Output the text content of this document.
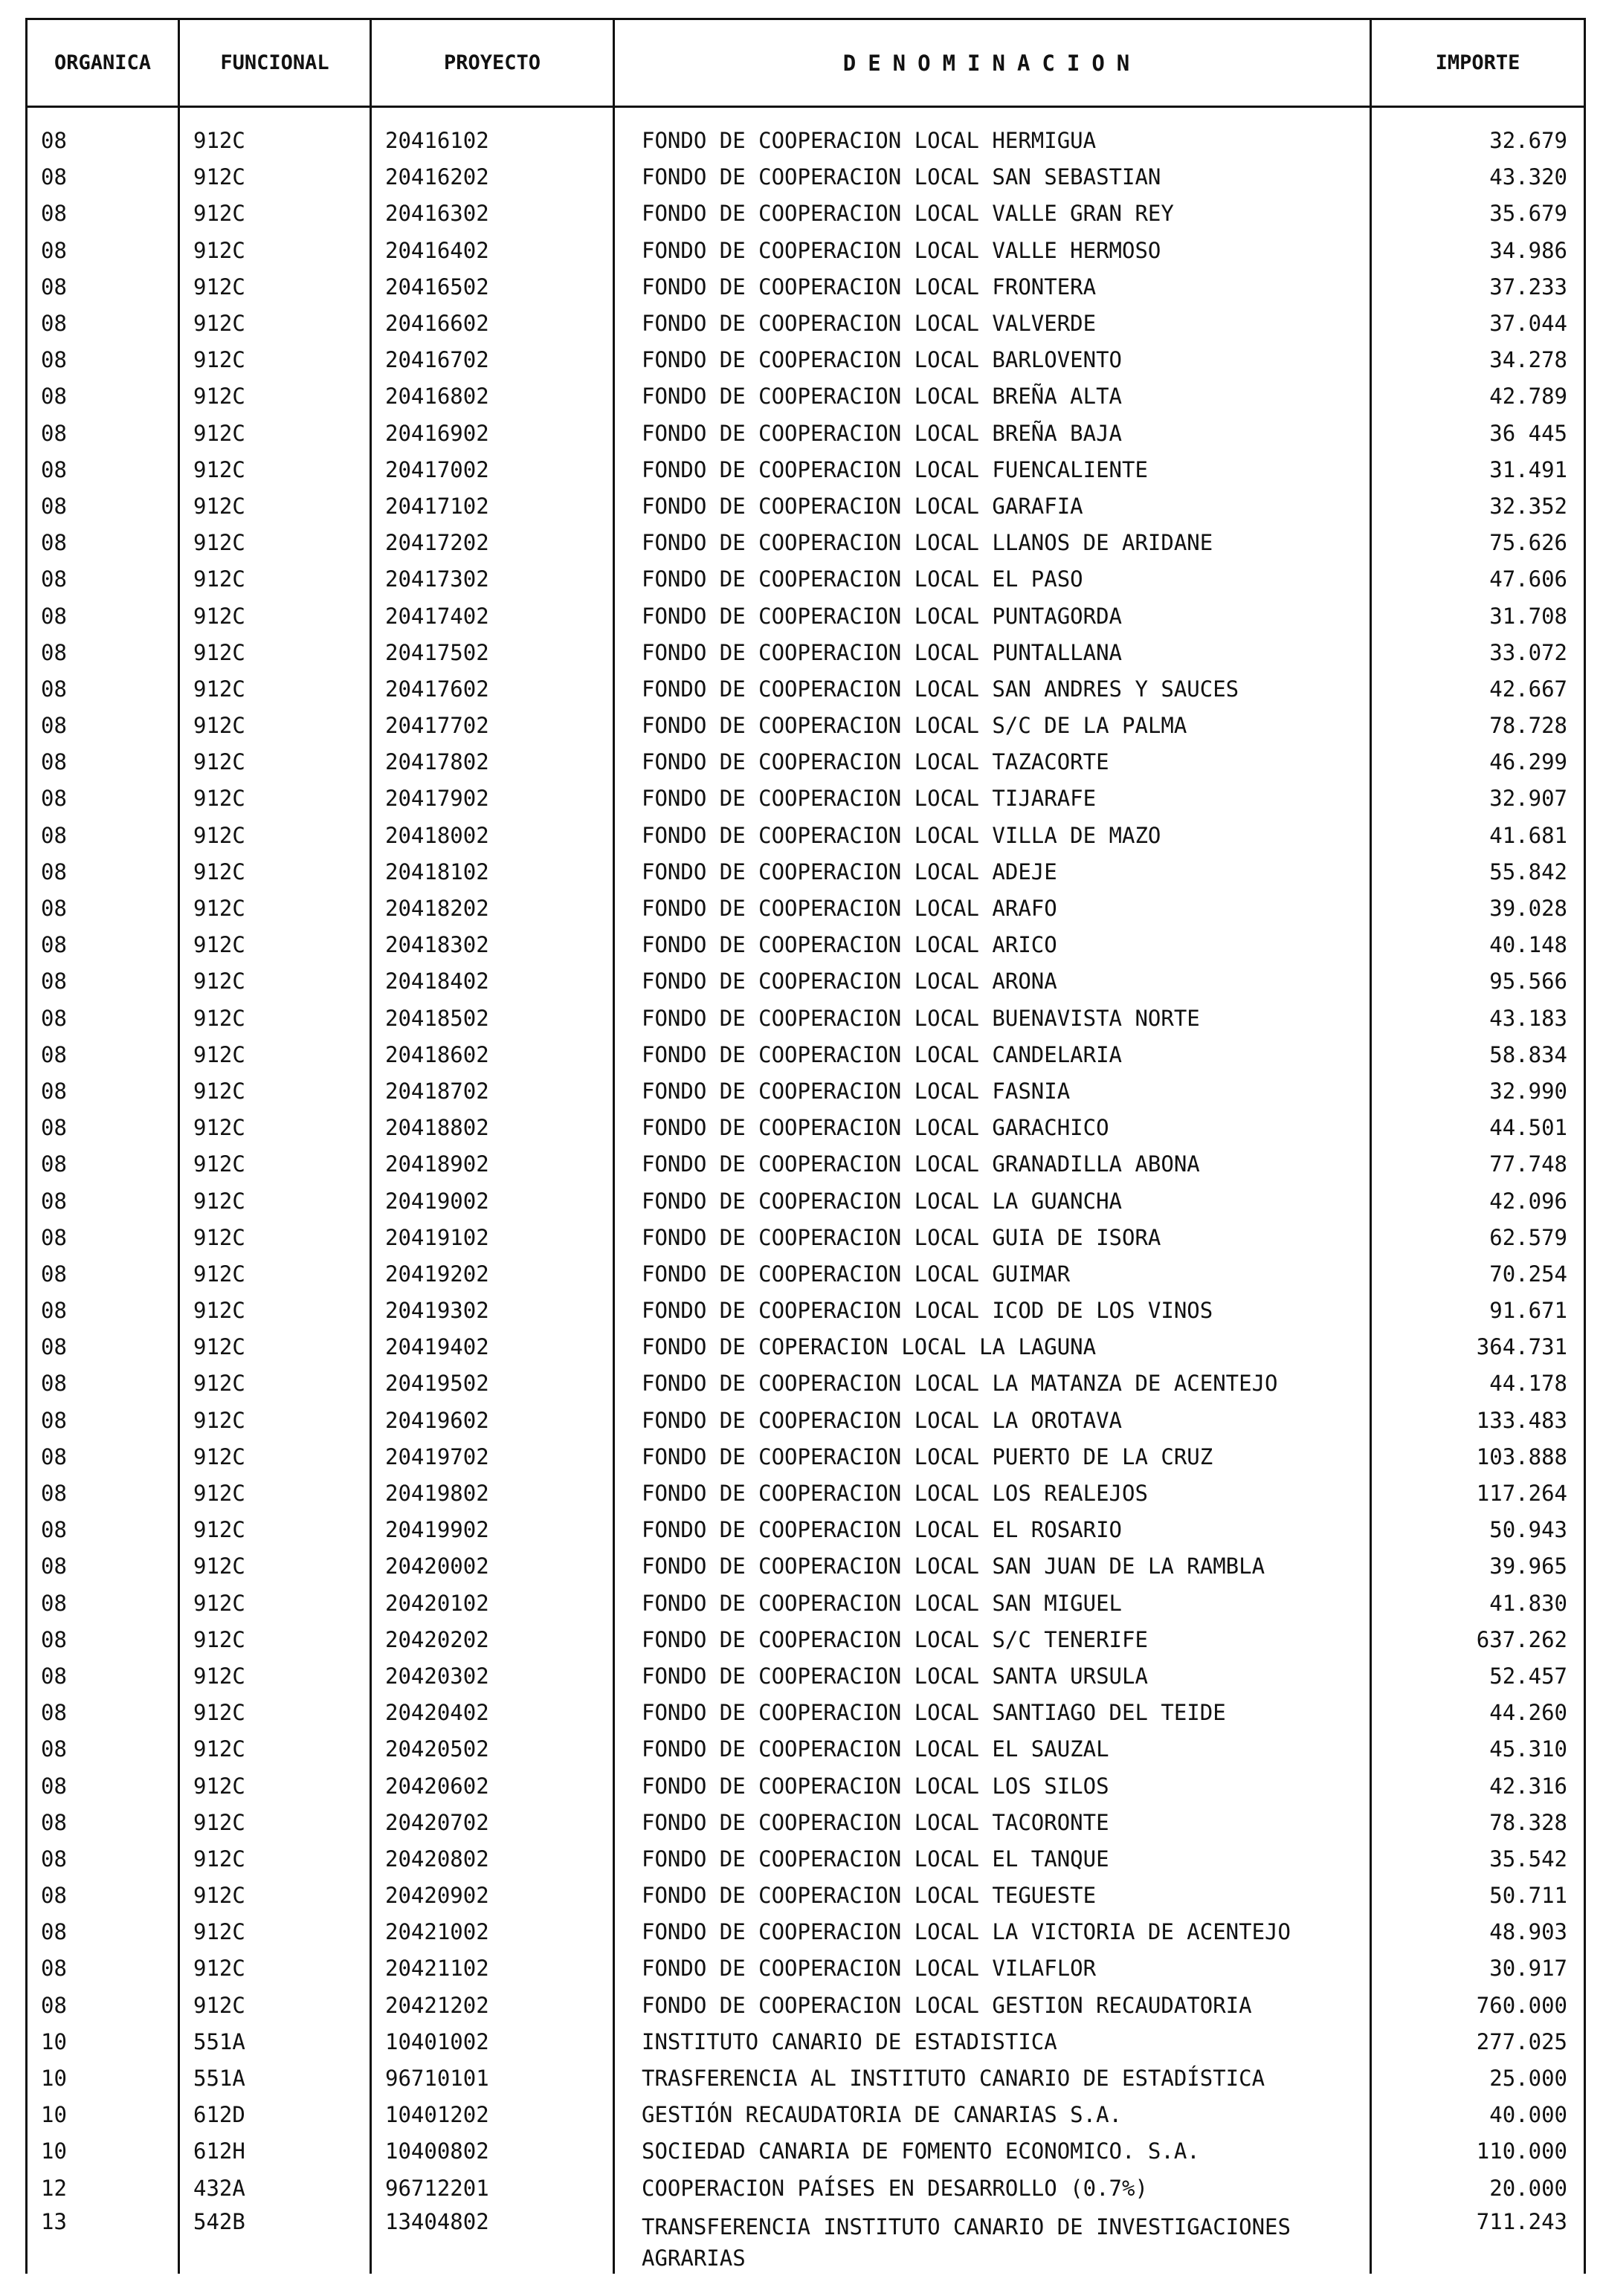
ORGANICA	FUNCIONAL	PROYECTO	DENOMINACION	IMPORTE
08	912C	20416102	FONDO DE COOPERACION LOCAL HERMIGUA	32.679
08	912C	20416202	FONDO DE COOPERACION LOCAL SAN SEBASTIAN	43.320
08	912C	20416302	FONDO DE COOPERACION LOCAL VALLE GRAN REY	35.679
08	912C	20416402	FONDO DE COOPERACION LOCAL VALLE HERMOSO	34.986
08	912C	20416502	FONDO DE COOPERACION LOCAL FRONTERA	37.233
08	912C	20416602	FONDO DE COOPERACION LOCAL VALVERDE	37.044
08	912C	20416702	FONDO DE COOPERACION LOCAL BARLOVENTO	34.278
08	912C	20416802	FONDO DE COOPERACION LOCAL BREÑA ALTA	42.789
08	912C	20416902	FONDO DE COOPERACION LOCAL BREÑA BAJA	36 445
08	912C	20417002	FONDO DE COOPERACION LOCAL FUENCALIENTE	31.491
08	912C	20417102	FONDO DE COOPERACION LOCAL GARAFIA	32.352
08	912C	20417202	FONDO DE COOPERACION LOCAL LLANOS DE ARIDANE	75.626
08	912C	20417302	FONDO DE COOPERACION LOCAL EL PASO	47.606
08	912C	20417402	FONDO DE COOPERACION LOCAL PUNTAGORDA	31.708
08	912C	20417502	FONDO DE COOPERACION LOCAL PUNTALLANA	33.072
08	912C	20417602	FONDO DE COOPERACION LOCAL SAN ANDRES Y SAUCES	42.667
08	912C	20417702	FONDO DE COOPERACION LOCAL S/C DE LA PALMA	78.728
08	912C	20417802	FONDO DE COOPERACION LOCAL TAZACORTE	46.299
08	912C	20417902	FONDO DE COOPERACION LOCAL TIJARAFE	32.907
08	912C	20418002	FONDO DE COOPERACION LOCAL VILLA DE MAZO	41.681
08	912C	20418102	FONDO DE COOPERACION LOCAL ADEJE	55.842
08	912C	20418202	FONDO DE COOPERACION LOCAL ARAFO	39.028
08	912C	20418302	FONDO DE COOPERACION LOCAL ARICO	40.148
08	912C	20418402	FONDO DE COOPERACION LOCAL ARONA	95.566
08	912C	20418502	FONDO DE COOPERACION LOCAL BUENAVISTA NORTE	43.183
08	912C	20418602	FONDO DE COOPERACION LOCAL CANDELARIA	58.834
08	912C	20418702	FONDO DE COOPERACION LOCAL FASNIA	32.990
08	912C	20418802	FONDO DE COOPERACION LOCAL GARACHICO	44.501
08	912C	20418902	FONDO DE COOPERACION LOCAL GRANADILLA ABONA	77.748
08	912C	20419002	FONDO DE COOPERACION LOCAL LA GUANCHA	42.096
08	912C	20419102	FONDO DE COOPERACION LOCAL GUIA DE ISORA	62.579
08	912C	20419202	FONDO DE COOPERACION LOCAL GUIMAR	70.254
08	912C	20419302	FONDO DE COOPERACION LOCAL ICOD DE LOS VINOS	91.671
08	912C	20419402	FONDO DE COPERACION LOCAL LA LAGUNA	364.731
08	912C	20419502	FONDO DE COOPERACION LOCAL LA MATANZA DE ACENTEJO	44.178
08	912C	20419602	FONDO DE COOPERACION LOCAL LA OROTAVA	133.483
08	912C	20419702	FONDO DE COOPERACION LOCAL PUERTO DE LA CRUZ	103.888
08	912C	20419802	FONDO DE COOPERACION LOCAL LOS REALEJOS	117.264
08	912C	20419902	FONDO DE COOPERACION LOCAL EL ROSARIO	50.943
08	912C	20420002	FONDO DE COOPERACION LOCAL SAN JUAN DE LA RAMBLA	39.965
08	912C	20420102	FONDO DE COOPERACION LOCAL SAN MIGUEL	41.830
08	912C	20420202	FONDO DE COOPERACION LOCAL S/C TENERIFE	637.262
08	912C	20420302	FONDO DE COOPERACION LOCAL SANTA URSULA	52.457
08	912C	20420402	FONDO DE COOPERACION LOCAL SANTIAGO DEL TEIDE	44.260
08	912C	20420502	FONDO DE COOPERACION LOCAL EL SAUZAL	45.310
08	912C	20420602	FONDO DE COOPERACION LOCAL LOS SILOS	42.316
08	912C	20420702	FONDO DE COOPERACION LOCAL TACORONTE	78.328
08	912C	20420802	FONDO DE COOPERACION LOCAL EL TANQUE	35.542
08	912C	20420902	FONDO DE COOPERACION LOCAL TEGUESTE	50.711
08	912C	20421002	FONDO DE COOPERACION LOCAL LA VICTORIA DE ACENTEJO	48.903
08	912C	20421102	FONDO DE COOPERACION LOCAL VILAFLOR	30.917
08	912C	20421202	FONDO DE COOPERACION LOCAL GESTION RECAUDATORIA	760.000
10	551A	10401002	INSTITUTO CANARIO DE ESTADISTICA	277.025
10	551A	96710101	TRASFERENCIA AL INSTITUTO CANARIO DE ESTADÍSTICA	25.000
10	612D	10401202	GESTIÓN RECAUDATORIA DE CANARIAS S.A.	40.000
10	612H	10400802	SOCIEDAD CANARIA DE FOMENTO ECONOMICO. S.A.	110.000
12	432A	96712201	COOPERACION PAÍSES EN DESARROLLO (0.7%)	20.000
13	542B	13404802	TRANSFERENCIA INSTITUTO CANARIO DE INVESTIGACIONES AGRARIAS	711.243
